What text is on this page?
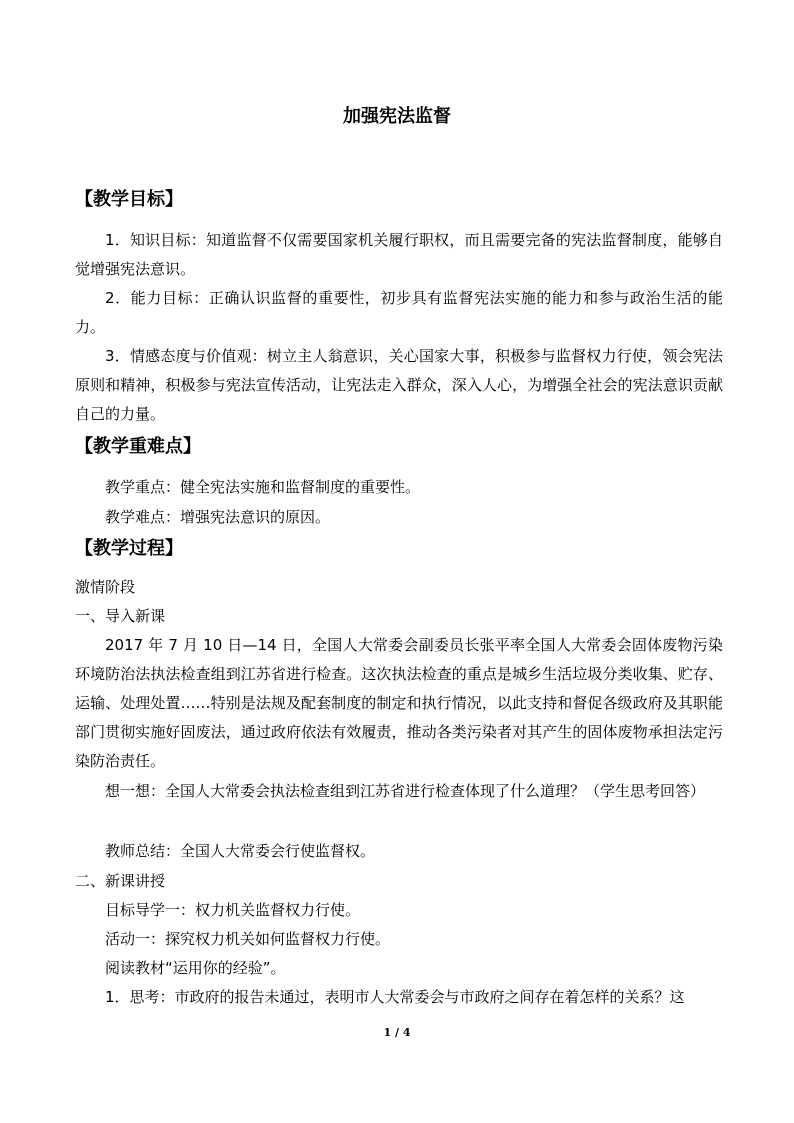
加强宪法监督
【教学目标】
1．知识目标：知道监督不仅需要国家机关履行职权，而且需要完备的宪法监督制度，能够自觉增强宪法意识。
2．能力目标：正确认识监督的重要性，初步具有监督宪法实施的能力和参与政治生活的能力。
3．情感态度与价值观：树立主人翁意识，关心国家大事，积极参与监督权力行使，领会宪法原则和精神，积极参与宪法宣传活动，让宪法走入群众，深入人心，为增强全社会的宪法意识贡献自己的力量。
【教学重难点】
教学重点：健全宪法实施和监督制度的重要性。
教学难点：增强宪法意识的原因。
【教学过程】
激情阶段
一、导入新课
2017 年 7 月 10 日—14 日，全国人大常委会副委员长张平率全国人大常委会固体废物污染环境防治法执法检查组到江苏省进行检查。这次执法检查的重点是城乡生活垃圾分类收集、贮存、运输、处理处置……特别是法规及配套制度的制定和执行情况，以此支持和督促各级政府及其职能部门贯彻实施好固废法，通过政府依法有效履责，推动各类污染者对其产生的固体废物承担法定污染防治责任。
想一想：全国人大常委会执法检查组到江苏省进行检查体现了什么道理？（学生思考回答）
教师总结：全国人大常委会行使监督权。
二、新课讲授
目标导学一：权力机关监督权力行使。
活动一：探究权力机关如何监督权力行使。
阅读教材“运用你的经验”。
1．思考：市政府的报告未通过，表明市人大常委会与市政府之间存在着怎样的关系？这
1 / 4
